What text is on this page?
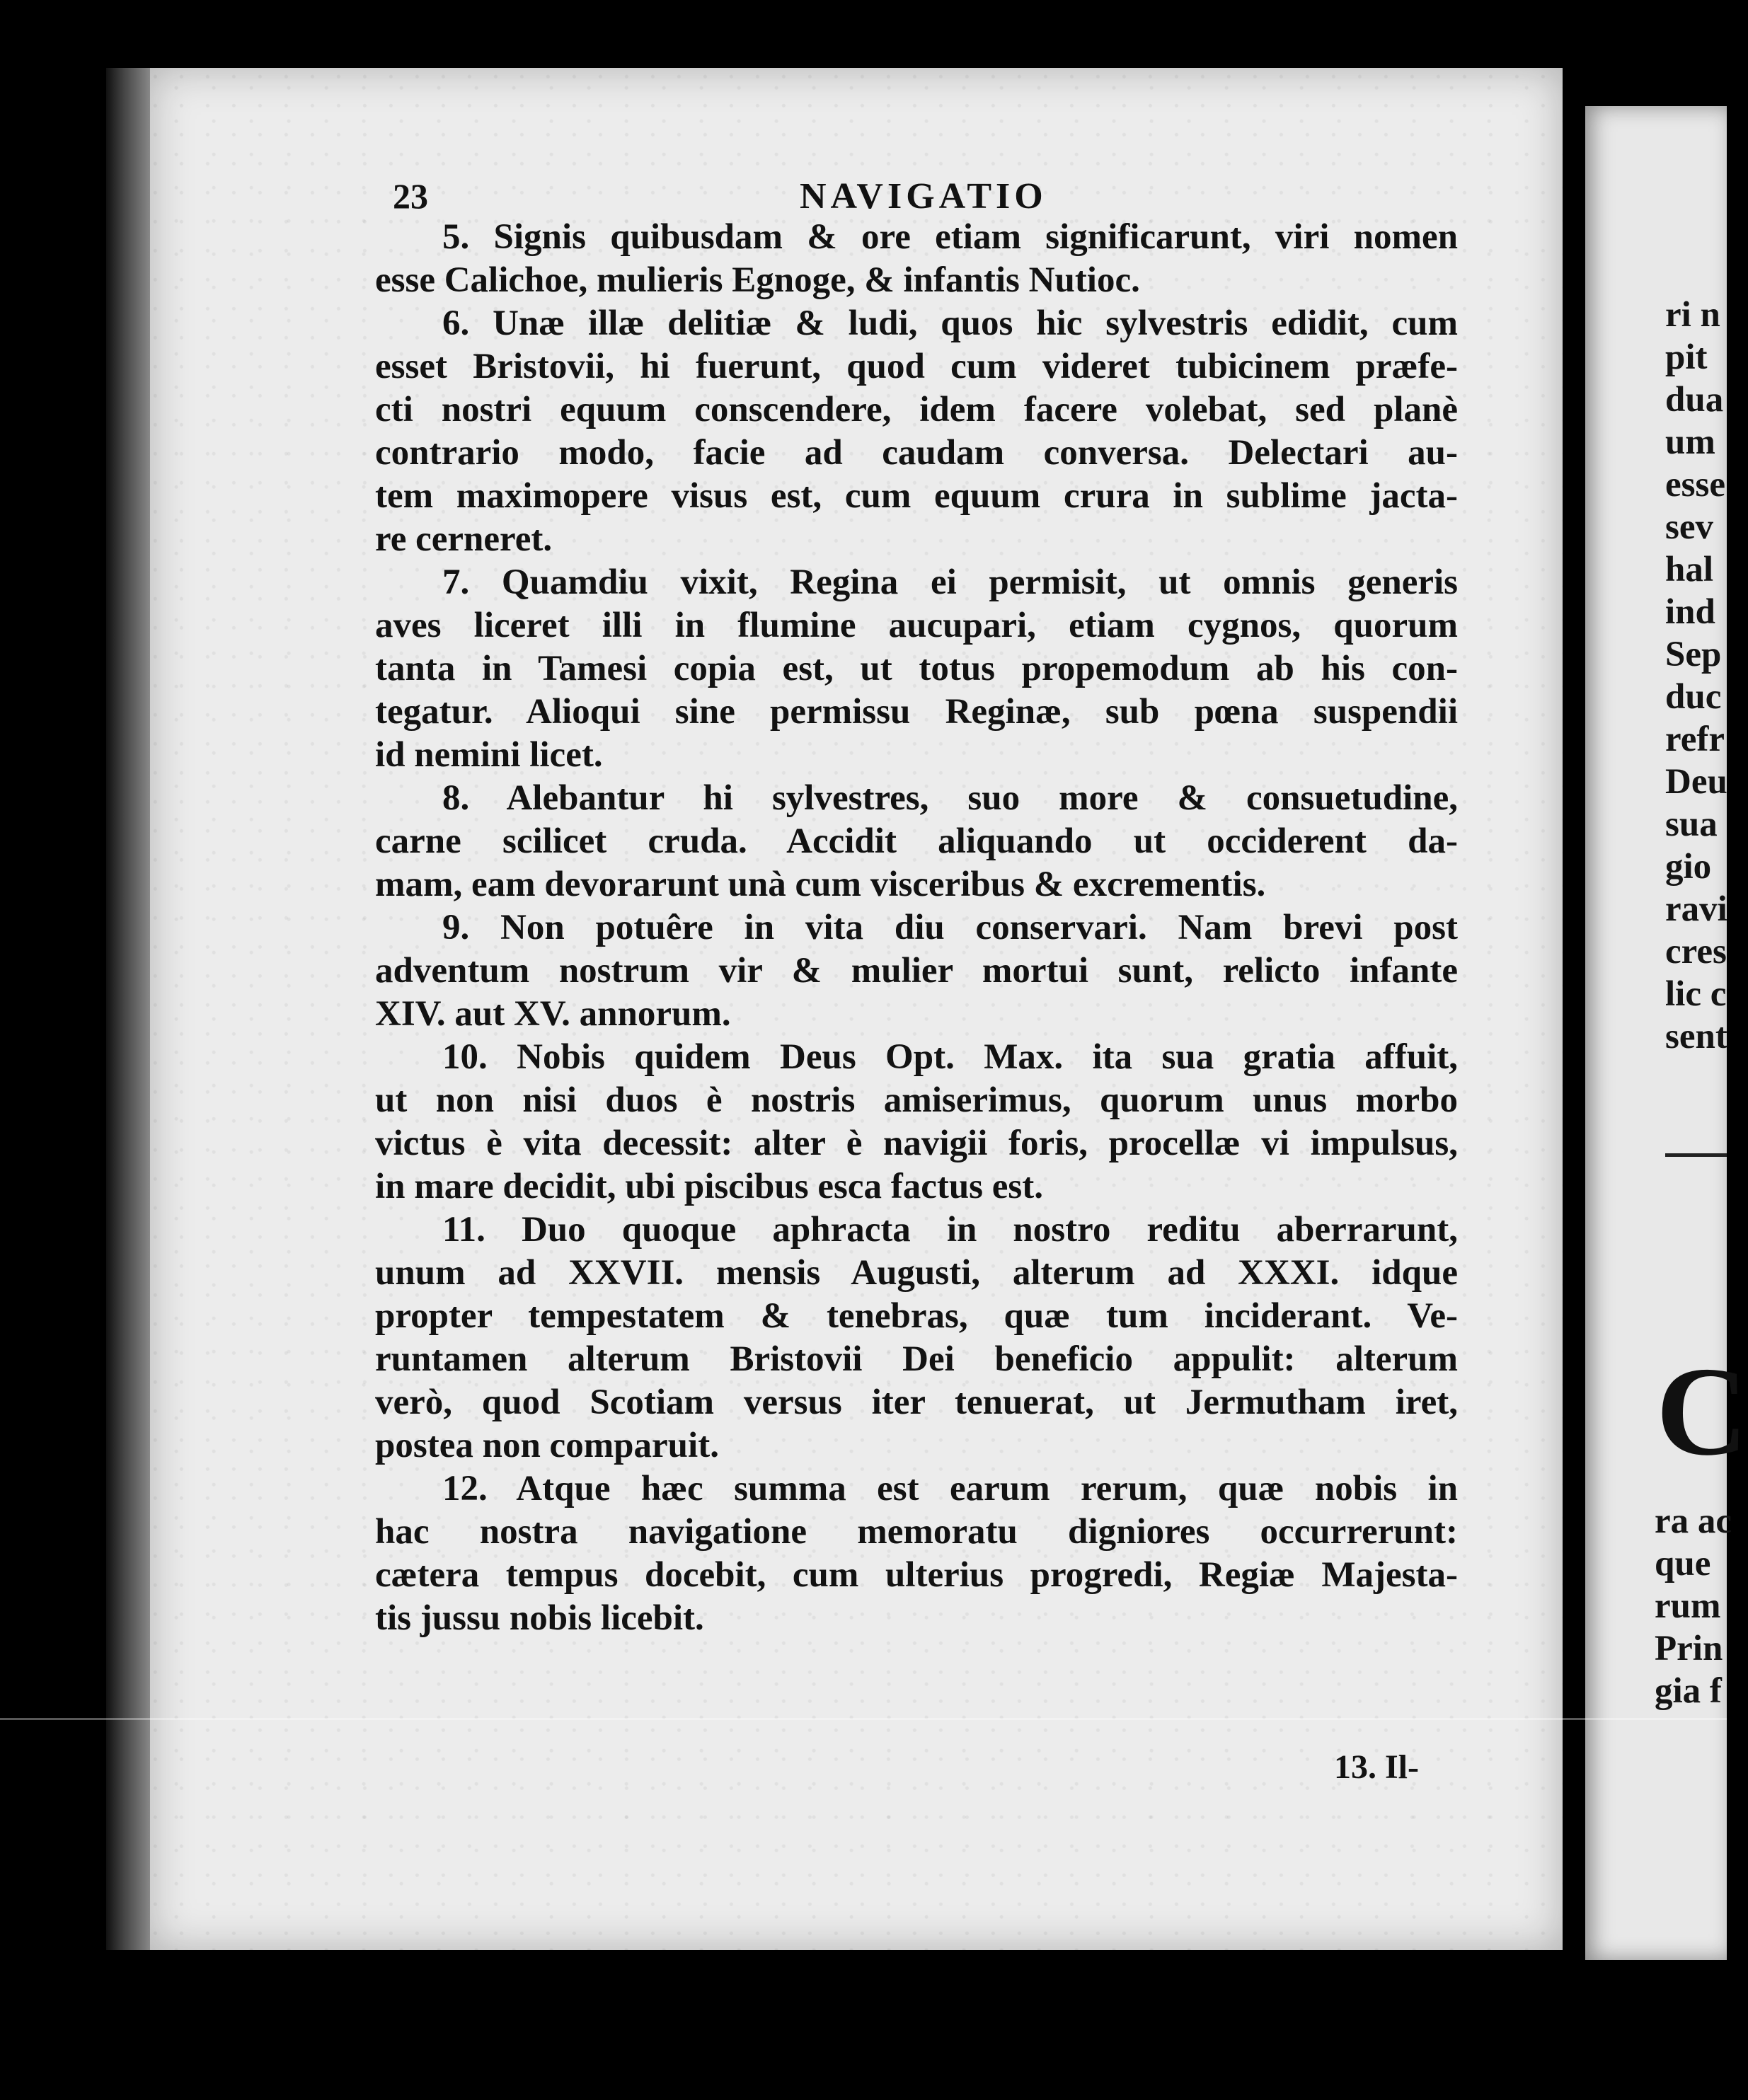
23	NAVIGATIO

5. Signis quibusdam & ore etiam significarunt, viri nomen
esse Calichoe, mulieris Egnoge, & infantis Nutioc.

6. Unæ illæ delitiæ & ludi, quos hic sylvestris edidit, cum
esset Bristovii, hi fuerunt, quod cum videret tubicinem præfe-
cti nostri equum conscendere, idem facere volebat, sed planè
contrario modo, facie ad caudam conversa. Delectari au-
tem maximopere visus est, cum equum crura in sublime jacta-
re cerneret.

7. Quamdiu vixit, Regina ei permisit, ut omnis generis
aves liceret illi in flumine aucupari, etiam cygnos, quorum
tanta in Tamesi copia est, ut totus propemodum ab his con-
tegatur. Alioqui sine permissu Reginæ, sub pœna suspendii
id nemini licet.

8. Alebantur hi sylvestres, suo more & consuetudine,
carne scilicet cruda. Accidit aliquando ut occiderent da-
mam, eam devorarunt unà cum visceribus & excrementis.

9. Non potuêre in vita diu conservari. Nam brevi post
adventum nostrum vir & mulier mortui sunt, relicto infante
XIV. aut XV. annorum.

10. Nobis quidem Deus Opt. Max. ita sua gratia affuit,
ut non nisi duos è nostris amiserimus, quorum unus morbo
victus è vita decessit: alter è navigii foris, procellæ vi impulsus,
in mare decidit, ubi piscibus esca factus est.

11. Duo quoque aphracta in nostro reditu aberrarunt,
unum ad XXVII. mensis Augusti, alterum ad XXXI. idque
propter tempestatem & tenebras, quæ tum inciderant. Ve-
runtamen alterum Bristovii Dei beneficio appulit: alterum
verò, quod Scotiam versus iter tenuerat, ut Jermutham iret,
postea non comparuit.

12. Atque hæc summa est earum rerum, quæ nobis in
hac nostra navigatione memoratu digniores occurrerunt:
cætera tempus docebit, cum ulterius progredi, Regiæ Majesta-
tis jussu nobis licebit.

13. Il-
ri n
pit
dua
um
esse
sev
hal
ind
Sep
duc
refr
Deu
sua
gio
ravi
cres
lic c
sent
C
ra ac
que
rum
Prin
gia f
